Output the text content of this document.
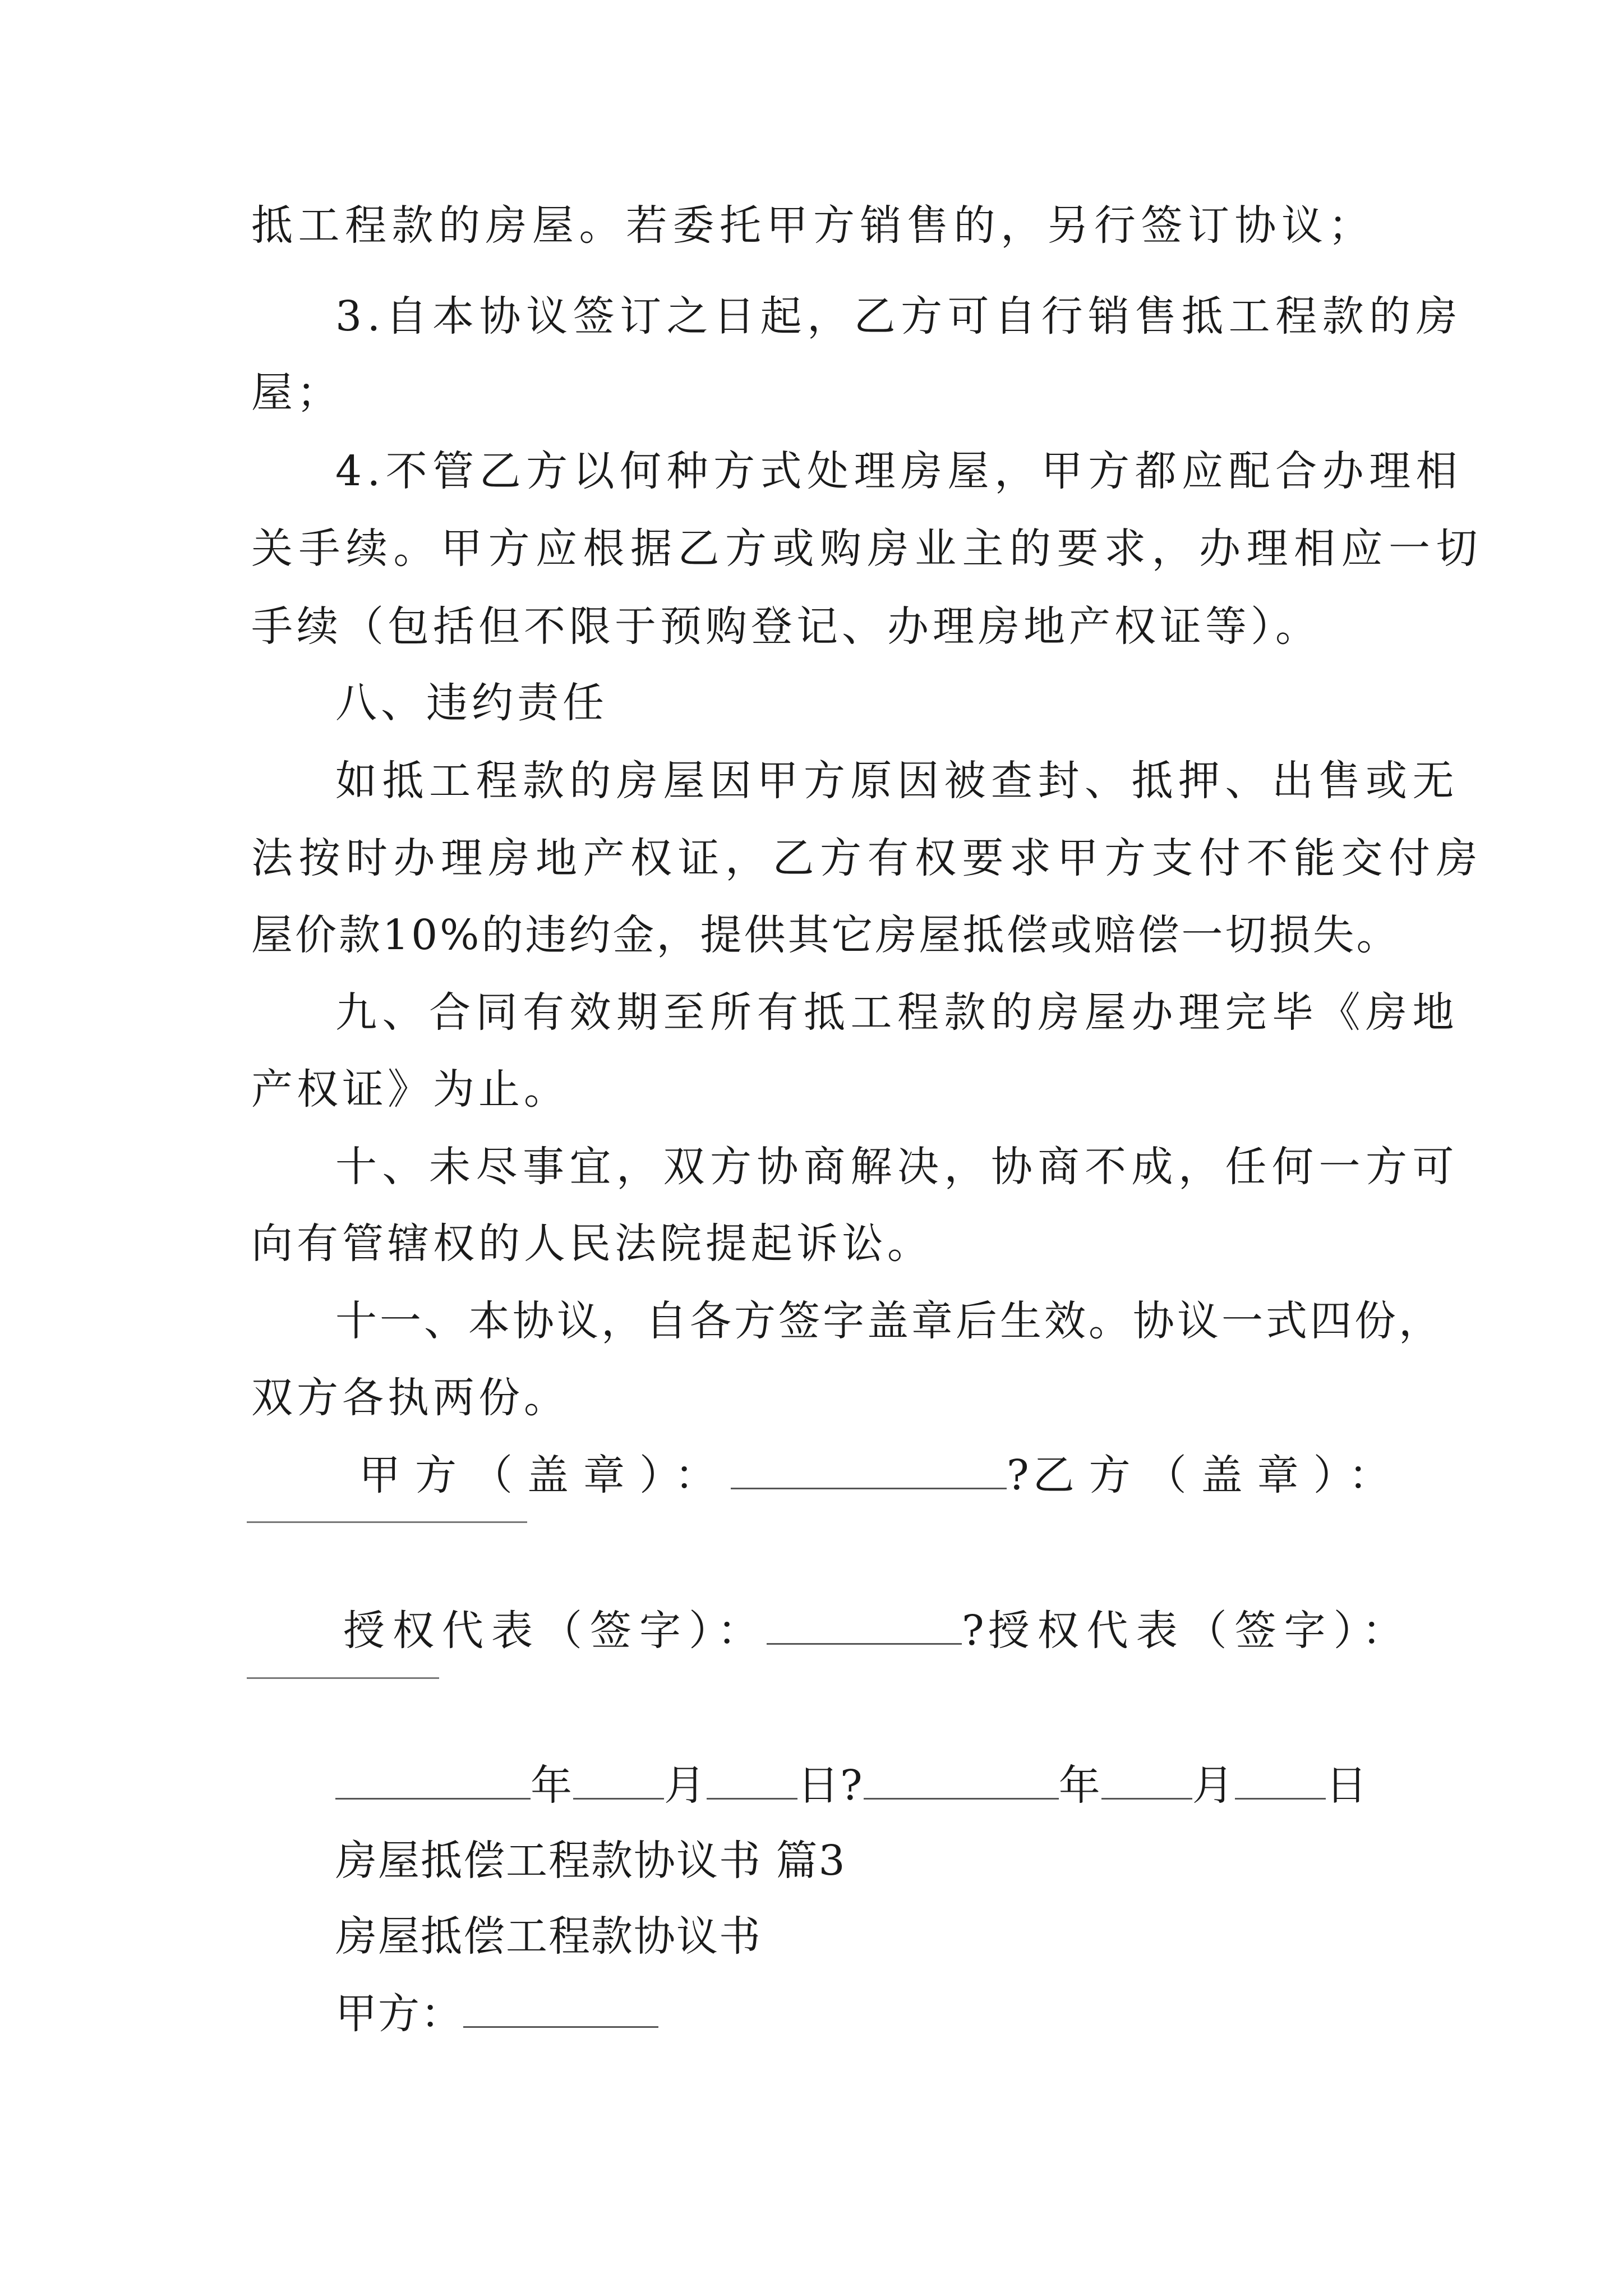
抵工程款的房屋。若委托甲方销售的，另行签订协议；
3.自本协议签订之日起，乙方可自行销售抵工程款的房
屋；
4.不管乙方以何种方式处理房屋，甲方都应配合办理相
关手续。甲方应根据乙方或购房业主的要求，办理相应一切
手续（包括但不限于预购登记、办理房地产权证等）。
八、违约责任
如抵工程款的房屋因甲方原因被查封、抵押、出售或无
法按时办理房地产权证，乙方有权要求甲方支付不能交付房
屋价款10%的违约金，提供其它房屋抵偿或赔偿一切损失。
九、合同有效期至所有抵工程款的房屋办理完毕《房地
产权证》为止。
十、未尽事宜，双方协商解决，协商不成，任何一方可
向有管辖权的人民法院提起诉讼。
十一、本协议，自各方签字盖章后生效。协议一式四份，
双方各执两份。
甲方（盖章）：	?乙方（盖章）：
授权代表（签字）：	?授权代表（签字）：
年 月 日?	年 月 日
房屋抵偿工程款协议书 篇3
房屋抵偿工程款协议书
甲方：
